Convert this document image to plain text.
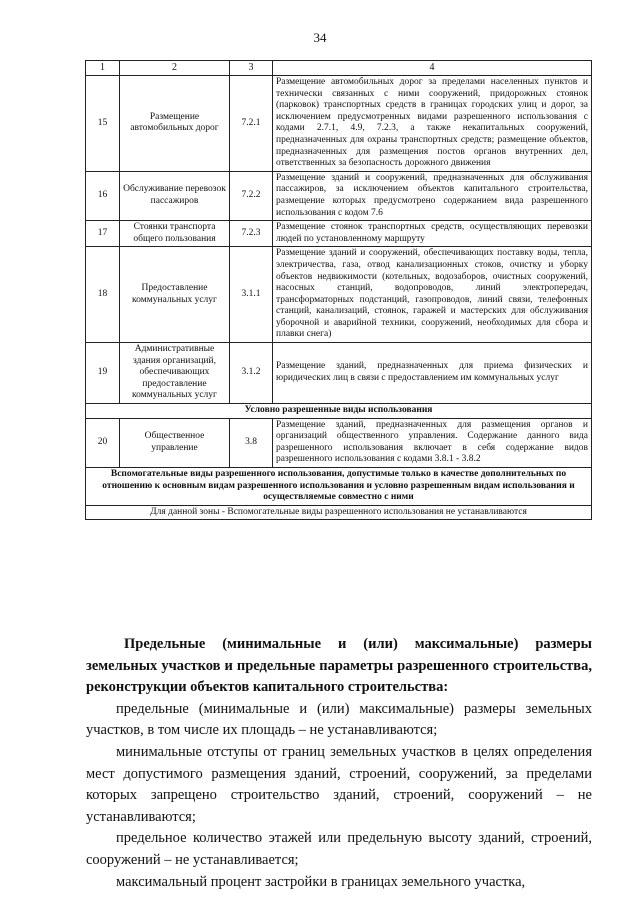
34
1	2	3	4
15	Размещение автомобильных дорог	7.2.1	Размещение автомобильных дорог за пределами населенных пунктов и технически связанных с ними сооружений, придорожных стоянок (парковок) транспортных средств в границах городских улиц и дорог, за исключением предусмотренных видами разрешенного использования с кодами 2.7.1, 4.9, 7.2.3, а также некапитальных сооружений, предназначенных для охраны транспортных средств; размещение объектов, предназначенных для размещения постов органов внутренних дел, ответственных за безопасность дорожного движения
16	Обслуживание перевозок пассажиров	7.2.2	Размещение зданий и сооружений, предназначенных для обслуживания пассажиров, за исключением объектов капитального строительства, размещение которых предусмотрено содержанием вида разрешенного использования с кодом 7.6
17	Стоянки транспорта общего пользования	7.2.3	Размещение стоянок транспортных средств, осуществляющих перевозки людей по установленному маршруту
18	Предоставление коммунальных услуг	3.1.1	Размещение зданий и сооружений, обеспечивающих поставку воды, тепла, электричества, газа, отвод канализационных стоков, очистку и уборку объектов недвижимости (котельных, водозаборов, очистных сооружений, насосных станций, водопроводов, линий электропередач, трансформаторных подстанций, газопроводов, линий связи, телефонных станций, канализаций, стоянок, гаражей и мастерских для обслуживания уборочной и аварийной техники, сооружений, необходимых для сбора и плавки снега)
19	Административные здания организаций, обеспечивающих предоставление коммунальных услуг	3.1.2	Размещение зданий, предназначенных для приема физических и юридических лиц в связи с предоставлением им коммунальных услуг
Условно разрешенные виды использования			
20	Общественное управление	3.8	Размещение зданий, предназначенных для размещения органов и организаций общественного управления. Содержание данного вида разрешенного использования включает в себя содержание видов разрешенного использования с кодами 3.8.1 - 3.8.2
Вспомогательные виды разрешенного использования, допустимые только в качестве дополнительных по отношению к основным видам разрешенного использования и условно разрешенным видам использования и осуществляемые совместно с ними			
Для данной зоны - Вспомогательные виды разрешенного использования не устанавливаются			

Предельные (минимальные и (или) максимальные) размеры земельных участков и предельные параметры разрешенного строительства, реконструкции объектов капитального строительства:

предельные (минимальные и (или) максимальные) размеры земельных участков, в том числе их площадь – не устанавливаются;

минимальные отступы от границ земельных участков в целях определения мест допустимого размещения зданий, строений, сооружений, за пределами которых запрещено строительство зданий, строений, сооружений – не устанавливаются;

предельное количество этажей или предельную высоту зданий, строений, сооружений – не устанавливается;

максимальный процент застройки в границах земельного участка,
